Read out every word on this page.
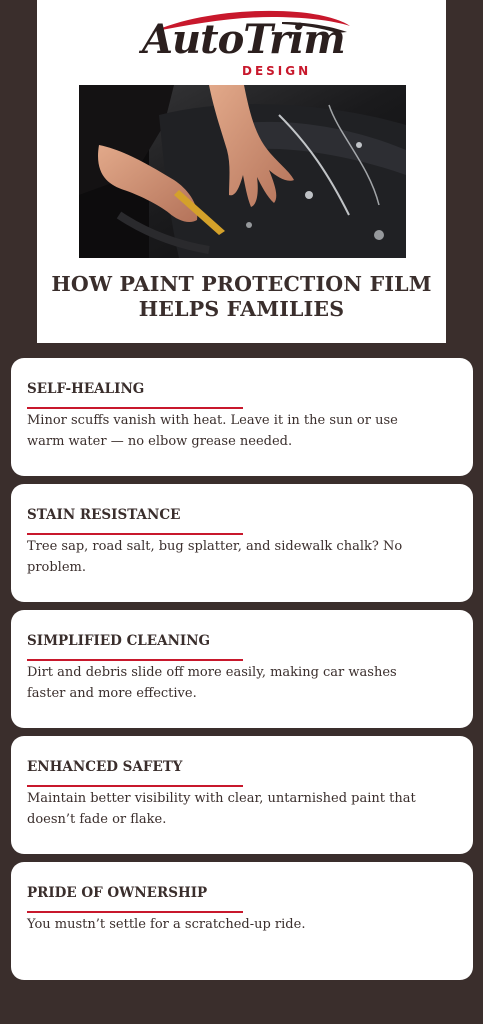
AutoTrim
DESIGN
HOW PAINT PROTECTION FILM HELPS FAMILIES
SELF-HEALING
Minor scuffs vanish with heat. Leave it in the sun or use warm water — no elbow grease needed.
STAIN RESISTANCE
Tree sap, road salt, bug splatter, and sidewalk chalk? No problem.
SIMPLIFIED CLEANING
Dirt and debris slide off more easily, making car washes faster and more effective.
ENHANCED SAFETY
Maintain better visibility with clear, untarnished paint that doesn’t fade or flake.
PRIDE OF OWNERSHIP
You mustn’t settle for a scratched-up ride.
